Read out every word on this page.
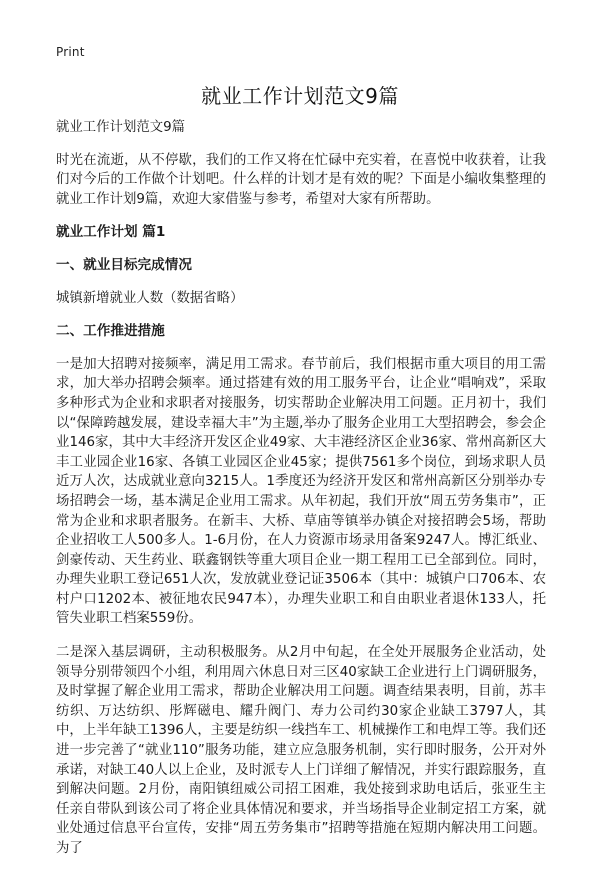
Print
就业工作计划范文9篇

就业工作计划范文9篇

时光在流逝，从不停歇，我们的工作又将在忙碌中充实着，在喜悦中收获着，让我们对今后的工作做个计划吧。什么样的计划才是有效的呢？下面是小编收集整理的就业工作计划9篇，欢迎大家借鉴与参考，希望对大家有所帮助。

就业工作计划 篇1
一、就业目标完成情况

城镇新增就业人数（数据省略）

二、工作推进措施

一是加大招聘对接频率，满足用工需求。春节前后，我们根据市重大项目的用工需求，加大举办招聘会频率。通过搭建有效的用工服务平台，让企业“唱响戏”，采取多种形式为企业和求职者对接服务，切实帮助企业解决用工问题。正月初十，我们以“保障跨越发展，建设幸福大丰”为主题,举办了服务企业用工大型招聘会，参会企业146家，其中大丰经济开发区企业49家、大丰港经济区企业36家、常州高新区大丰工业园企业16家、各镇工业园区企业45家；提供7561多个岗位，到场求职人员近万人次，达成就业意向3215人。1季度还为经济开发区和常州高新区分别举办专场招聘会一场，基本满足企业用工需求。从年初起，我们开放“周五劳务集市”，正常为企业和求职者服务。在新丰、大桥、草庙等镇举办镇企对接招聘会5场，帮助企业招收工人500多人。1-6月份，在人力资源市场录用备案9247人。博汇纸业、剑豪传动、天生药业、联鑫钢铁等重大项目企业一期工程用工已全部到位。同时，办理失业职工登记651人次，发放就业登记证3506本（其中：城镇户口706本、农村户口1202本、被征地农民947本），办理失业职工和自由职业者退休133人，托管失业职工档案559份。

二是深入基层调研，主动积极服务。从2月中旬起，在全处开展服务企业活动，处领导分别带领四个小组，利用周六休息日对三区40家缺工企业进行上门调研服务，及时掌握了解企业用工需求，帮助企业解决用工问题。调查结果表明，目前，苏丰纺织、万达纺织、彤辉磁电、耀升阀门、寿力公司约30家企业缺工3797人，其中，上半年缺工1396人，主要是纺织一线挡车工、机械操作工和电焊工等。我们还进一步完善了“就业110”服务功能，建立应急服务机制，实行即时服务，公开对外承诺，对缺工40人以上企业，及时派专人上门详细了解情况，并实行跟踪服务，直到解决问题。2月份，南阳镇纽威公司招工困难，我处接到求助电话后，张亚生主任亲自带队到该公司了将企业具体情况和要求，并当场指导企业制定招工方案，就业处通过信息平台宣传，安排“周五劳务集市”招聘等措施在短期内解决用工问题。为了
